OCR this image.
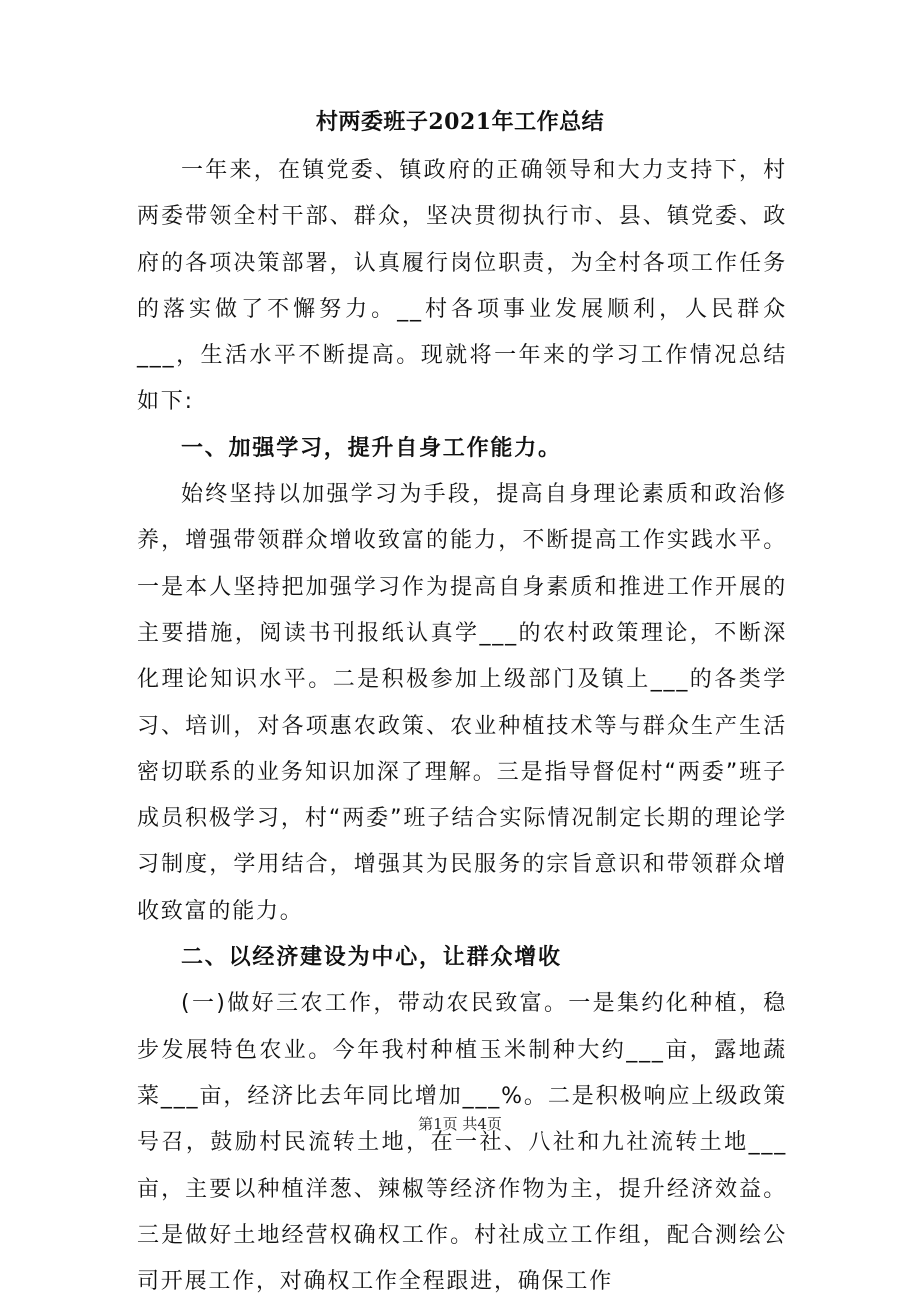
村两委班子2021年工作总结

一年来，在镇党委、镇政府的正确领导和大力支持下，村两委带领全村干部、群众，坚决贯彻执行市、县、镇党委、政府的各项决策部署，认真履行岗位职责，为全村各项工作任务的落实做了不懈努力。__村各项事业发展顺利，人民群众___，生活水平不断提高。现就将一年来的学习工作情况总结如下:

一、加强学习，提升自身工作能力。

始终坚持以加强学习为手段，提高自身理论素质和政治修养，增强带领群众增收致富的能力，不断提高工作实践水平。一是本人坚持把加强学习作为提高自身素质和推进工作开展的主要措施，阅读书刊报纸认真学___的农村政策理论，不断深化理论知识水平。二是积极参加上级部门及镇上___的各类学习、培训，对各项惠农政策、农业种植技术等与群众生产生活密切联系的业务知识加深了理解。三是指导督促村“两委”班子成员积极学习，村“两委”班子结合实际情况制定长期的理论学习制度，学用结合，增强其为民服务的宗旨意识和带领群众增收致富的能力。

二、以经济建设为中心，让群众增收

(一)做好三农工作，带动农民致富。一是集约化种植，稳步发展特色农业。今年我村种植玉米制种大约___亩，露地蔬菜___亩，经济比去年同比增加___%。二是积极响应上级政策号召，鼓励村民流转土地，在一社、八社和九社流转土地___亩，主要以种植洋葱、辣椒等经济作物为主，提升经济效益。三是做好土地经营权确权工作。村社成立工作组，配合测绘公司开展工作，对确权工作全程跟进，确保工作

第1页 共4页
